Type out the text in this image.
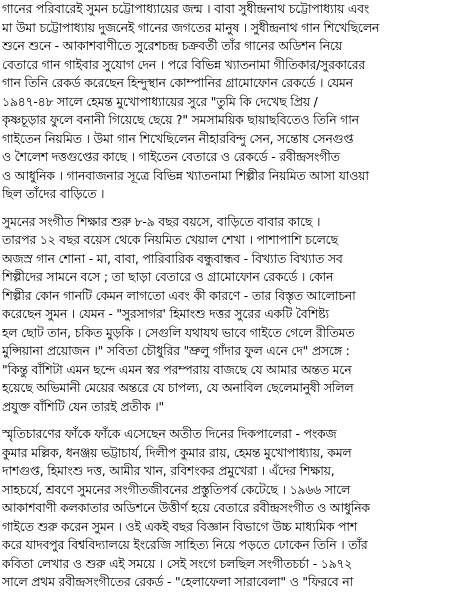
গানের পরিবারেই সুমন চট্টোপাধ্যায়ের জন্ম । বাবা সুধীন্দ্রনাথ চট্টোপাধ্যায় এবং
মা উমা চট্টোপাধ্যায় দুজনেই গানের জগতের মানুষ । সুধীন্দ্রনাথ গান শিখেছিলেন
শুনে শুনে - আকাশবাণীতে সুরেশচন্দ্র চক্রবর্তী তাঁর গানের অডিশন নিয়ে
বেতারে গান গাইবার সুযোগ দেন । পরে বিভিন্ন খ্যাতনামা গীতিকার/সুরকারের
গান তিনি রেকর্ড করেছেন হিন্দুস্থান কোম্পানির গ্রামোফোন রেকর্ডে । যেমন
১৯৪৭-৪৮ সালে হেমন্ত মুখোপাধ্যায়ের সুরে "তুমি কি দেখেছ প্রিয় /
কৃষ্ণচূড়ার ফুলে বনানী গিয়েছে ছেয়ে ?" সমসাময়িক ছায়াছবিতেও তিনি গান
গাইতেন নিয়মিত । উমা গান শিখেছিলেন নীহারবিন্দু সেন, সন্তোষ সেনগুপ্ত
ও শৈলেশ দত্তগুপ্তের কাছে । গাইতেন বেতারে ও রেকর্ডে - রবীন্দ্রসংগীত
ও আধুনিক । গানবাজনার সূত্রে বিভিন্ন খ্যাতনামা শিল্পীর নিয়মিত আসা যাওয়া
ছিল তাঁদের বাড়িতে ।
সুমনের সংগীত শিক্ষার শুরু ৮-৯ বছর বয়সে, বাড়িতে বাবার কাছে ।
তারপর ১২ বছর বয়েস থেকে নিয়মিত খেয়াল শেখা । পাশাপাশি চলেছে
অজস্র গান শোনা - মা, বাবা, পারিবারিক বন্ধুবান্ধব - বিখ্যাত বিখ্যাত সব
শিল্পীদের সামনে বসে ; তা ছাড়া বেতারে ও গ্রামোফোন রেকর্ডে । কোন
শিল্পীর কোন গানটি কেমন লাগতো এবং কী কারণে - তার বিস্তৃত আলোচনা
করেছেন সুমন । যেমন - "সুরসাগর' হিমাংশু দত্তর সুরের একটি বৈশিষ্ট্য
হল ছোট তান, চকিত মুড়কি । সেগুলি যথাযথ ভাবে গাইতে গেলে রীতিমত
মুন্সিয়ানা প্রয়োজন ।" সবিতা চৌধুরির "ভ্রুলু গাঁদার ফুল এনে দে" প্রসঙ্গে :
"কিন্তু বাঁশিটা এমন ছন্দে এমন স্বর পরম্পরায় বাজছে যে আমার অন্তত মনে
হয়েছে অভিমানী মেয়ের অন্তরে যে চাপল্য, যে অনাবিল ছেলেমানুষী সলিল
প্রযুক্ত বাঁশিটি যেন তারই প্রতীক ।"
স্মৃতিচারণের ফাঁকে ফাঁকে এসেছেন অতীত দিনের দিকপালেরা - পংকজ
কুমার মল্লিক, ধনঞ্জয় ভট্টাচার্য, দিলীপ কুমার রায়, হেমন্ত মুখোপাধ্যায়, কমল
দাশগুপ্ত, হিমাংশু দত্ত, আমীর খান, রবিশংকর প্রমুখেরা । এঁদের শিক্ষায়,
সাহচর্যে, শ্রবণে সুমনের সংগীতজীবনের প্রস্তুতিপর্ব কেটেছে । ১৯৬৬ সালে
আকাশবাণী কলকাতার অডিশনে উত্তীর্ণ হয়ে বেতারে রবীন্দ্রসংগীত ও আধুনিক
গাইতে শুরু করেন সুমন । ওই একই বছর বিজ্ঞান বিভাগে উচ্চ মাধ্যমিক পাশ
করে যাদবপুর বিশ্ববিদ্যালয়ে ইংরেজি সাহিত্য নিয়ে পড়তে ঢোকেন তিনি । তাঁর
কবিতা লেখার ও শুরু এই সময়ে । সেই সংগে চলছিল সংগীতচর্চা - ১৯৭২
সালে প্রথম রবীন্দ্রসংগীতের রেকর্ড - "হেলাফেলা সারাবেলা" ও "ফিরবে না
